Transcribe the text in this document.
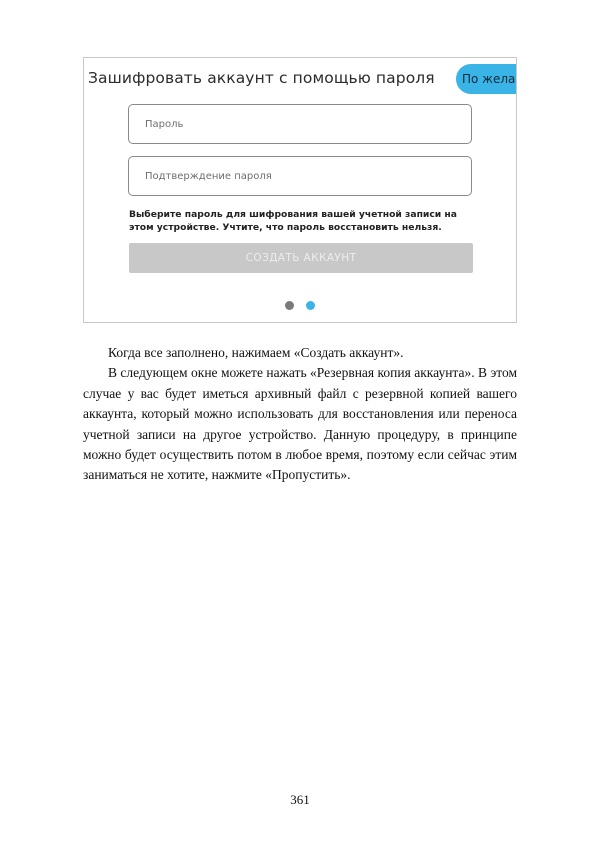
Зашифровать аккаунт с помощью пароля	По жела
Выберите пароль для шифрования вашей учетной записи на этом устройстве. Учтите, что пароль восстановить нельзя.
СОЗДАТЬ АККАУНТ

Когда все заполнено, нажимаем «Создать аккаунт».

В следующем окне можете нажать «Резервная копия аккаунта». В этом случае у вас будет иметься архивный файл с резервной копией вашего аккаунта, который можно использовать для восстановления или переноса учетной записи на другое устройство. Данную процедуру, в принципе можно будет осуществить потом в любое время, поэтому если сейчас этим заниматься не хотите, нажмите «Пропустить».

361
